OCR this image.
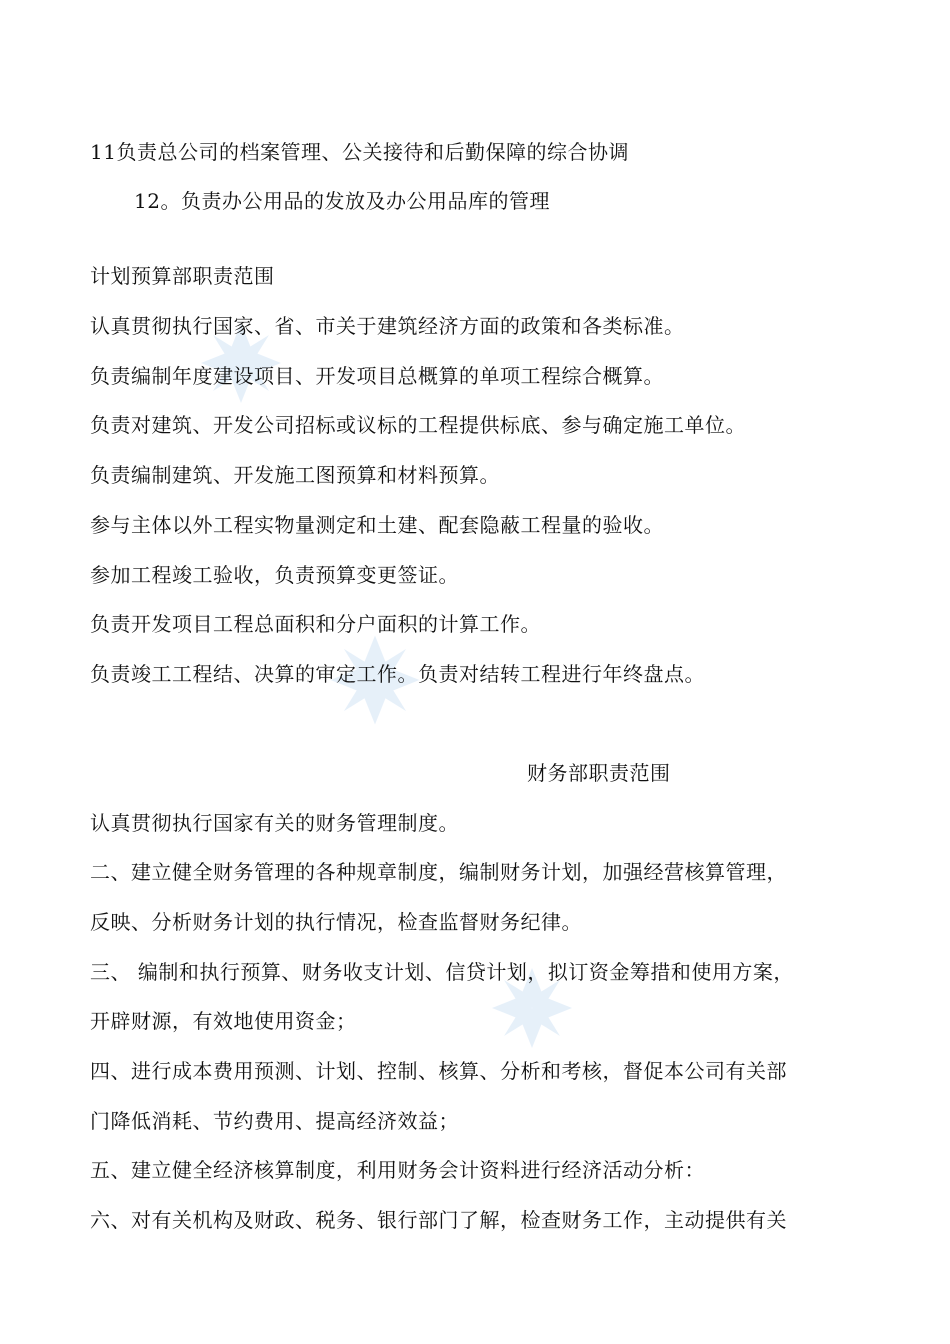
11负责总公司的档案管理、公关接待和后勤保障的综合协调
12。负责办公用品的发放及办公用品库的管理
计划预算部职责范围
认真贯彻执行国家、省、市关于建筑经济方面的政策和各类标准。
负责编制年度建设项目、开发项目总概算的单项工程综合概算。
负责对建筑、开发公司招标或议标的工程提供标底、参与确定施工单位。
负责编制建筑、开发施工图预算和材料预算。
参与主体以外工程实物量测定和土建、配套隐蔽工程量的验收。
参加工程竣工验收，负责预算变更签证。
负责开发项目工程总面积和分户面积的计算工作。
负责竣工工程结、决算的审定工作。负责对结转工程进行年终盘点。
财务部职责范围
认真贯彻执行国家有关的财务管理制度。
二、建立健全财务管理的各种规章制度，编制财务计划，加强经营核算管理，
反映、分析财务计划的执行情况，检查监督财务纪律。
三、 编制和执行预算、财务收支计划、信贷计划，拟订资金筹措和使用方案，
开辟财源，有效地使用资金；
四、进行成本费用预测、计划、控制、核算、分析和考核，督促本公司有关部
门降低消耗、节约费用、提高经济效益；
五、建立健全经济核算制度，利用财务会计资料进行经济活动分析：
六、对有关机构及财政、税务、银行部门了解，检查财务工作，主动提供有关
